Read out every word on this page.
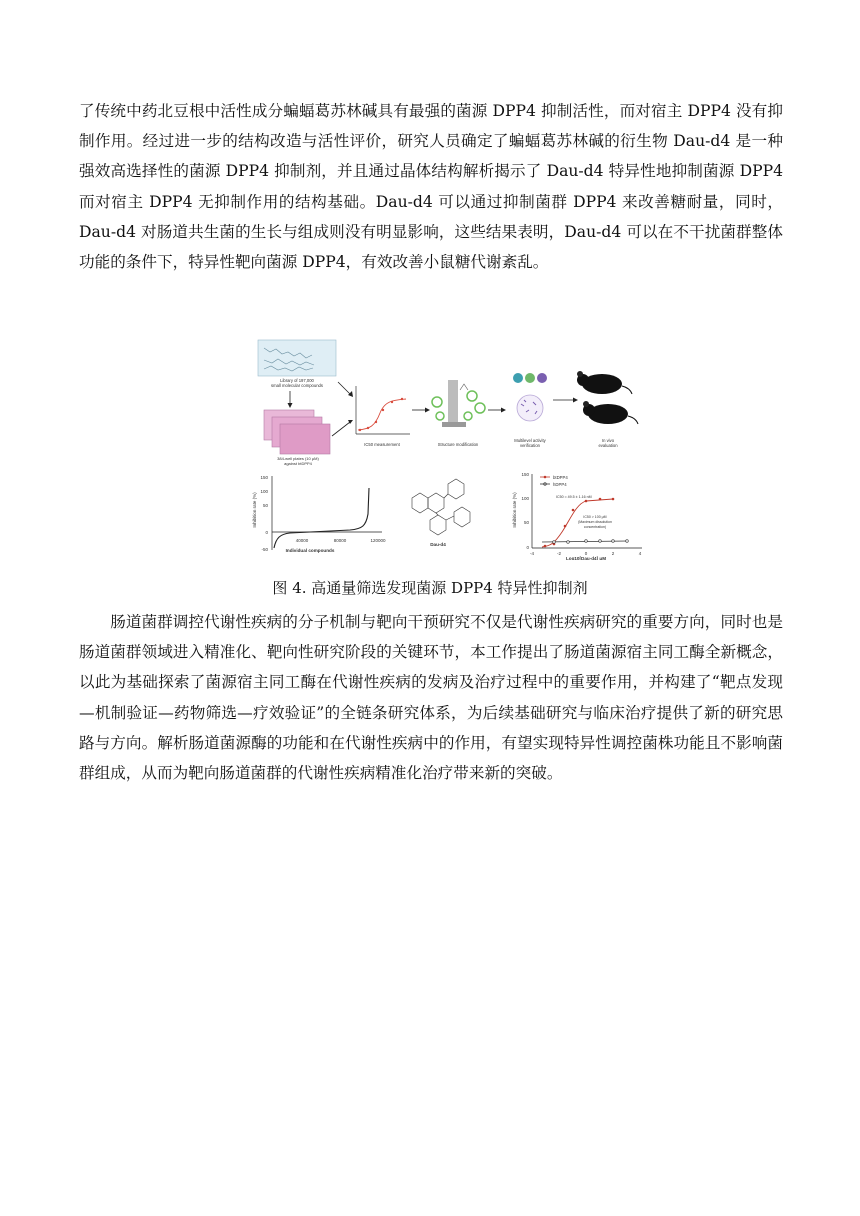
了传统中药北豆根中活性成分蝙蝠葛苏林碱具有最强的菌源 DPP4 抑制活性，而对宿主 DPP4 没有抑制作用。经过进一步的结构改造与活性评价，研究人员确定了蝙蝠葛苏林碱的衍生物 Dau-d4 是一种强效高选择性的菌源 DPP4 抑制剂，并且通过晶体结构解析揭示了 Dau-d4 特异性地抑制菌源 DPP4 而对宿主 DPP4 无抑制作用的结构基础。Dau-d4 可以通过抑制菌群 DPP4 来改善糖耐量，同时，Dau-d4 对肠道共生菌的生长与组成则没有明显影响，这些结果表明，Dau-d4 可以在不干扰菌群整体功能的条件下，特异性靶向菌源 DPP4，有效改善小鼠糖代谢紊乱。

Library of 197,000
small molecular compounds
384-well plates (10 μM)
against btDPP4
IC50 measurement	Structure modification
Multilevel activity
verification
In vivo
evaluation
150
100
50
0
-50
40000	80000	120000
Individual compounds
Inhibition rate (%)
Dau-d4
150
100
50
0
-4	-2	0	2	4
Log10[Dau-d4] μM
Inhibition rate (%)
btDPP4
hDPP4
IC50 = 49.5 ± 1.16 nM
IC50 > 100 μM
(Maximum dissolution
concentration)
图 4. 高通量筛选发现菌源 DPP4 特异性抑制剂

肠道菌群调控代谢性疾病的分子机制与靶向干预研究不仅是代谢性疾病研究的重要方向，同时也是肠道菌群领域进入精准化、靶向性研究阶段的关键环节，本工作提出了肠道菌源宿主同工酶全新概念，以此为基础探索了菌源宿主同工酶在代谢性疾病的发病及治疗过程中的重要作用，并构建了“靶点发现—机制验证—药物筛选—疗效验证”的全链条研究体系，为后续基础研究与临床治疗提供了新的研究思路与方向。解析肠道菌源酶的功能和在代谢性疾病中的作用，有望实现特异性调控菌株功能且不影响菌群组成，从而为靶向肠道菌群的代谢性疾病精准化治疗带来新的突破。
